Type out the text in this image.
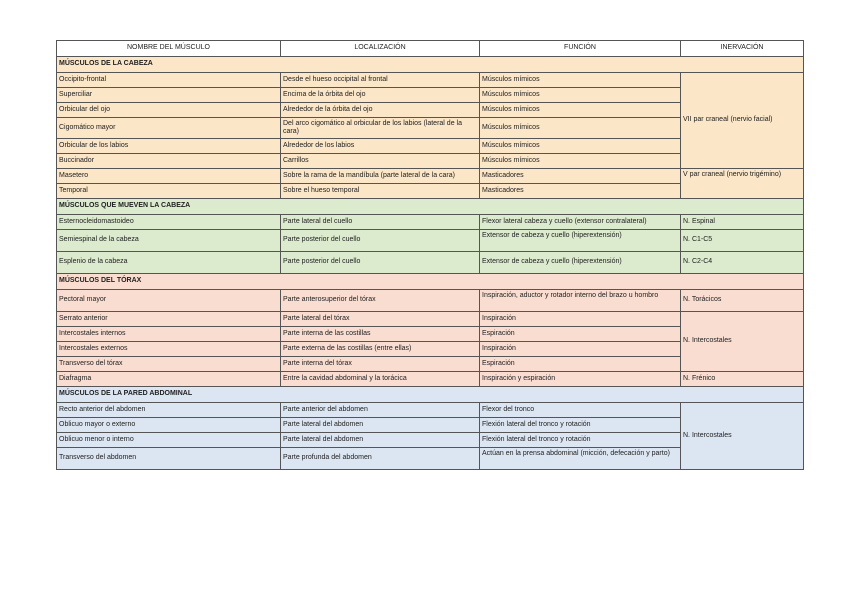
NOMBRE DEL MÚSCULO	LOCALIZACIÓN	FUNCIÓN	INERVACIÓN
MÚSCULOS DE LA CABEZA			
Occipito-frontal	Desde el hueso occipital al frontal	Músculos mímicos	VII par craneal (nervio facial)
Superciliar	Encima de la órbita del ojo	Músculos mímicos	
Orbicular del ojo	Alrededor de la órbita del ojo	Músculos mímicos	
Cigomático mayor	Del arco cigomático al orbicular de los labios (lateral de la cara)	Músculos mímicos	
Orbicular de los labios	Alrededor de los labios	Músculos mímicos	
Buccinador	Carrillos	Músculos mímicos	
Masetero	Sobre la rama de la mandíbula (parte lateral de la cara)	Masticadores	V par craneal (nervio trigémino)
Temporal	Sobre el hueso temporal	Masticadores	
MÚSCULOS QUE MUEVEN LA CABEZA			
Esternocleidomastoideo	Parte lateral del cuello	Flexor lateral cabeza y cuello (extensor contralateral)	N. Espinal
Semiespinal de la cabeza	Parte posterior del cuello	Extensor de cabeza y cuello (hiperextensión)	N. C1-C5
Esplenio de la cabeza	Parte posterior del cuello	Extensor de cabeza y cuello (hiperextensión)	N. C2-C4
MÚSCULOS DEL TÓRAX			
Pectoral mayor	Parte anterosuperior del tórax	Inspiración, aductor y rotador interno del brazo u hombro	N. Torácicos
Serrato anterior	Parte lateral del tórax	Inspiración	N. Intercostales
Intercostales internos	Parte interna de las costillas	Espiración	
Intercostales externos	Parte externa de las costillas (entre ellas)	Inspiración	
Transverso del tórax	Parte interna del tórax	Espiración	
Diafragma	Entre la cavidad abdominal y la torácica	Inspiración y espiración	N. Frénico
MÚSCULOS DE LA PARED ABDOMINAL			
Recto anterior del abdomen	Parte anterior del abdomen	Flexor del tronco	N. Intercostales
Oblicuo mayor o externo	Parte lateral del abdomen	Flexión lateral del tronco y rotación	
Oblicuo menor o interno	Parte lateral del abdomen	Flexión lateral del tronco y rotación	
Transverso del abdomen	Parte profunda del abdomen	Actúan en la prensa abdominal (micción, defecación y parto)	
